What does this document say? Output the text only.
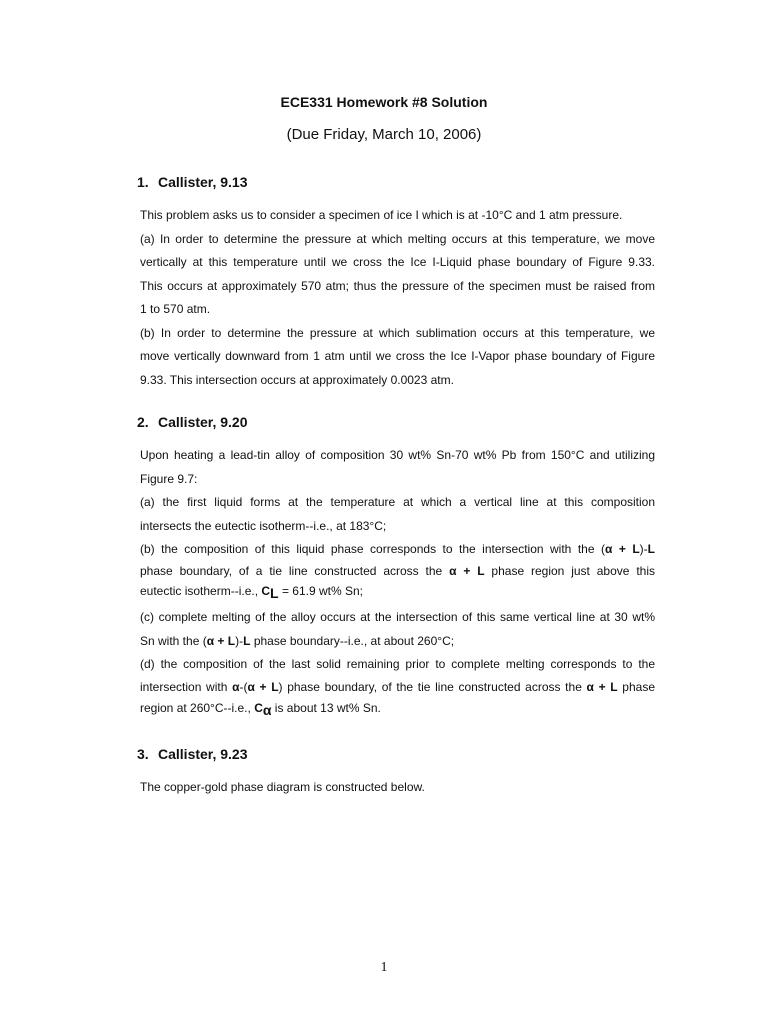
ECE331 Homework #8 Solution
(Due Friday, March 10, 2006)
1. Callister, 9.13
This problem asks us to consider a specimen of ice I which is at -10°C and 1 atm pressure.
(a) In order to determine the pressure at which melting occurs at this temperature, we move
vertically at this temperature until we cross the Ice I-Liquid phase boundary of Figure 9.33.
This occurs at approximately 570 atm; thus the pressure of the specimen must be raised from
1 to 570 atm.
(b) In order to determine the pressure at which sublimation occurs at this temperature, we
move vertically downward from 1 atm until we cross the Ice I-Vapor phase boundary of Figure
9.33. This intersection occurs at approximately 0.0023 atm.
2. Callister, 9.20
Upon heating a lead-tin alloy of composition 30 wt% Sn-70 wt% Pb from 150°C and utilizing
Figure 9.7:
(a) the first liquid forms at the temperature at which a vertical line at this composition
intersects the eutectic isotherm--i.e., at 183°C;
(b) the composition of this liquid phase corresponds to the intersection with the (α + L)-L
phase boundary, of a tie line constructed across the α + L phase region just above this
eutectic isotherm--i.e., CL = 61.9 wt% Sn;
(c) complete melting of the alloy occurs at the intersection of this same vertical line at 30 wt%
Sn with the (α + L)-L phase boundary--i.e., at about 260°C;
(d) the composition of the last solid remaining prior to complete melting corresponds to the
intersection with α-(α + L) phase boundary, of the tie line constructed across the α + L phase
region at 260°C--i.e., Cα is about 13 wt% Sn.
3. Callister, 9.23
The copper-gold phase diagram is constructed below.
1
